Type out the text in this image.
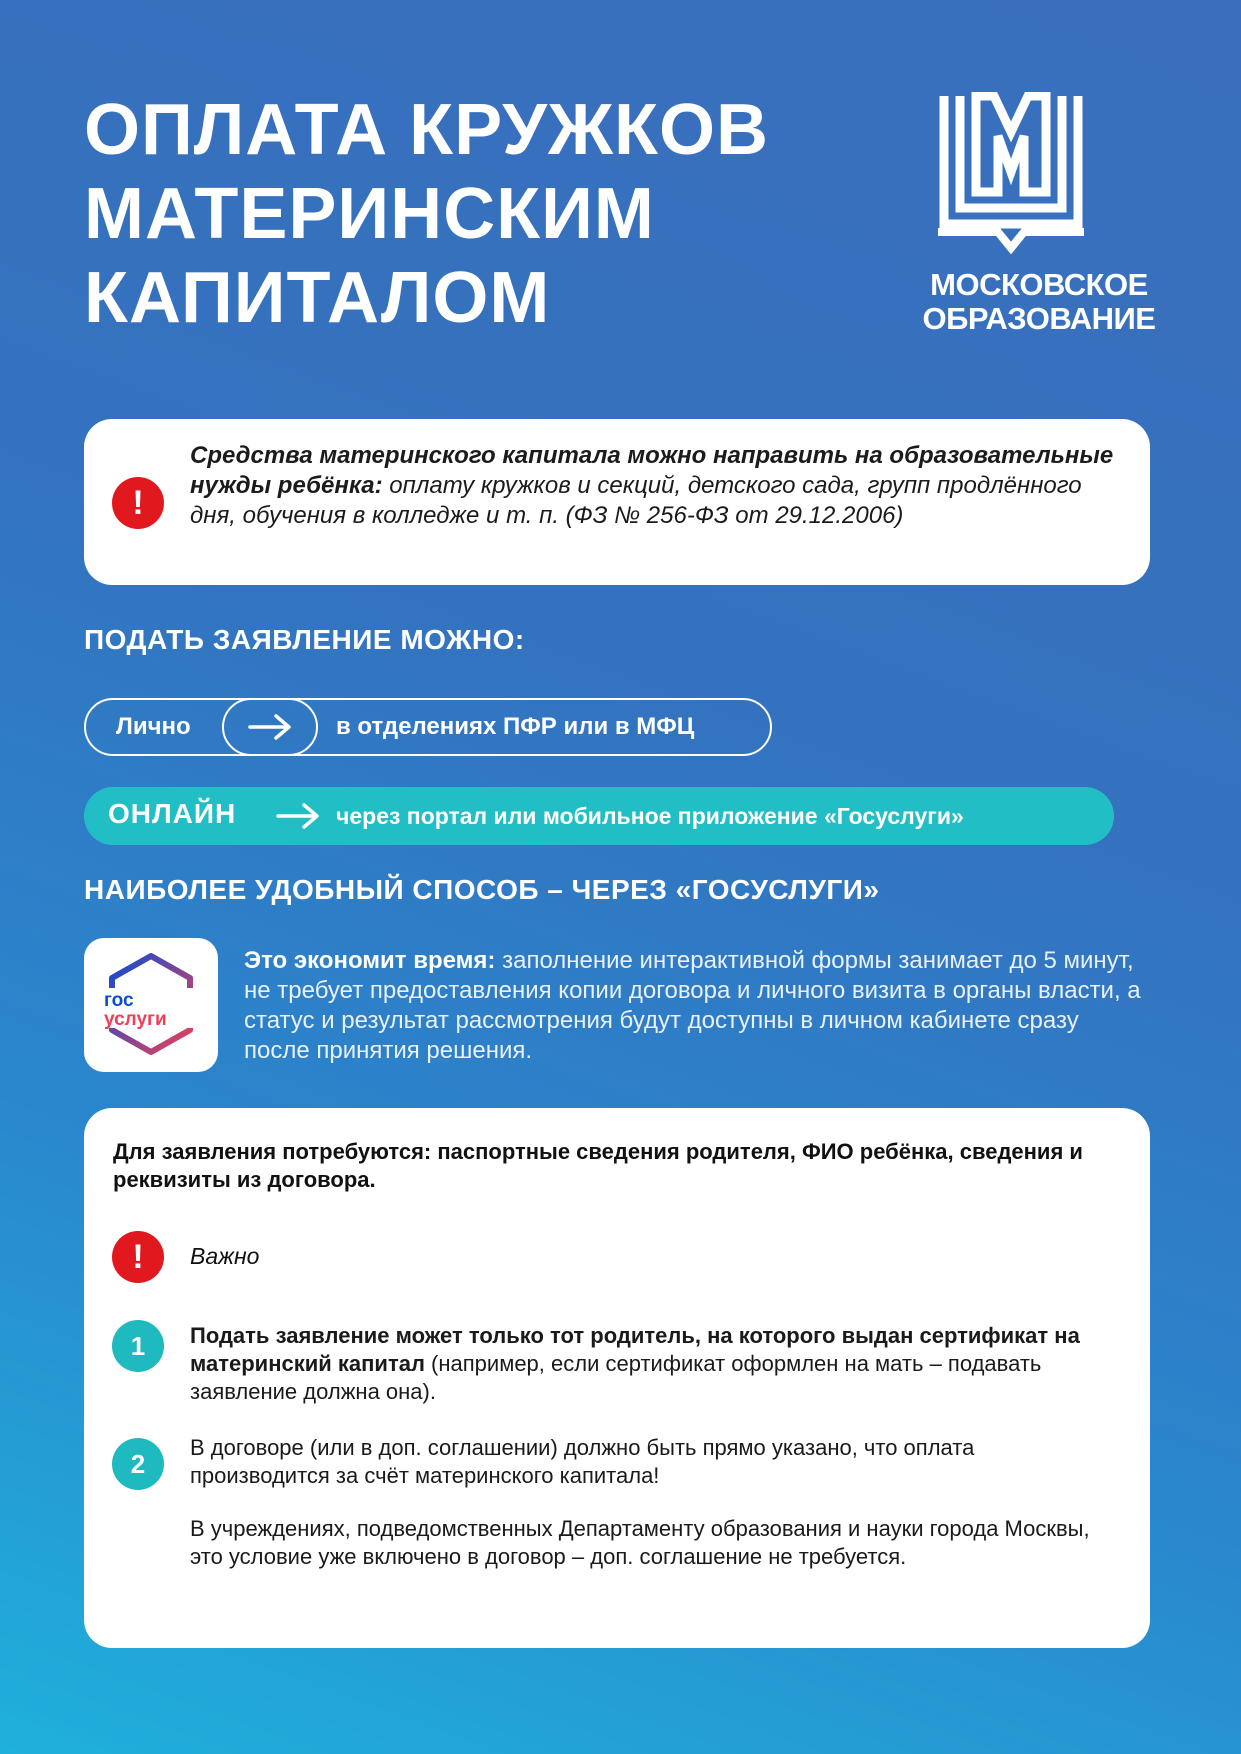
ОПЛАТА КРУЖКОВ
МАТЕРИНСКИМ
КАПИТАЛОМ	МОСКОВСКОЕ
ОБРАЗОВАНИЕ
!
Средства материнского капитала можно направить на образовательные нужды ребёнка: оплату кружков и секций, детского сада, групп продлённого дня, обучения в колледже и т. п. (ФЗ № 256-ФЗ от 29.12.2006)
ПОДАТЬ ЗАЯВЛЕНИЕ МОЖНО:
Лично	в отделениях ПФР или в МФЦ
ОНЛАЙН	через портал или мобильное приложение «Госуслуги»
НАИБОЛЕЕ УДОБНЫЙ СПОСОБ – ЧЕРЕЗ «ГОСУСЛУГИ»
гос
услуги
Это экономит время: заполнение интерактивной формы занимает до 5 минут, не требует предоставления копии договора и личного визита в органы власти, а статус и результат рассмотрения будут доступны в личном кабинете сразу после принятия решения.
Для заявления потребуются: паспортные сведения родителя, ФИО ребёнка, сведения и реквизиты из договора.
!	Важно
1	Подать заявление может только тот родитель, на которого выдан сертификат на материнский капитал (например, если сертификат оформлен на мать – подавать заявление должна она).
2
В договоре (или в доп. соглашении) должно быть прямо указано, что оплата производится за счёт материнского капитала!
В учреждениях, подведомственных Департаменту образования и науки города Москвы, это условие уже включено в договор – доп. соглашение не требуется.
